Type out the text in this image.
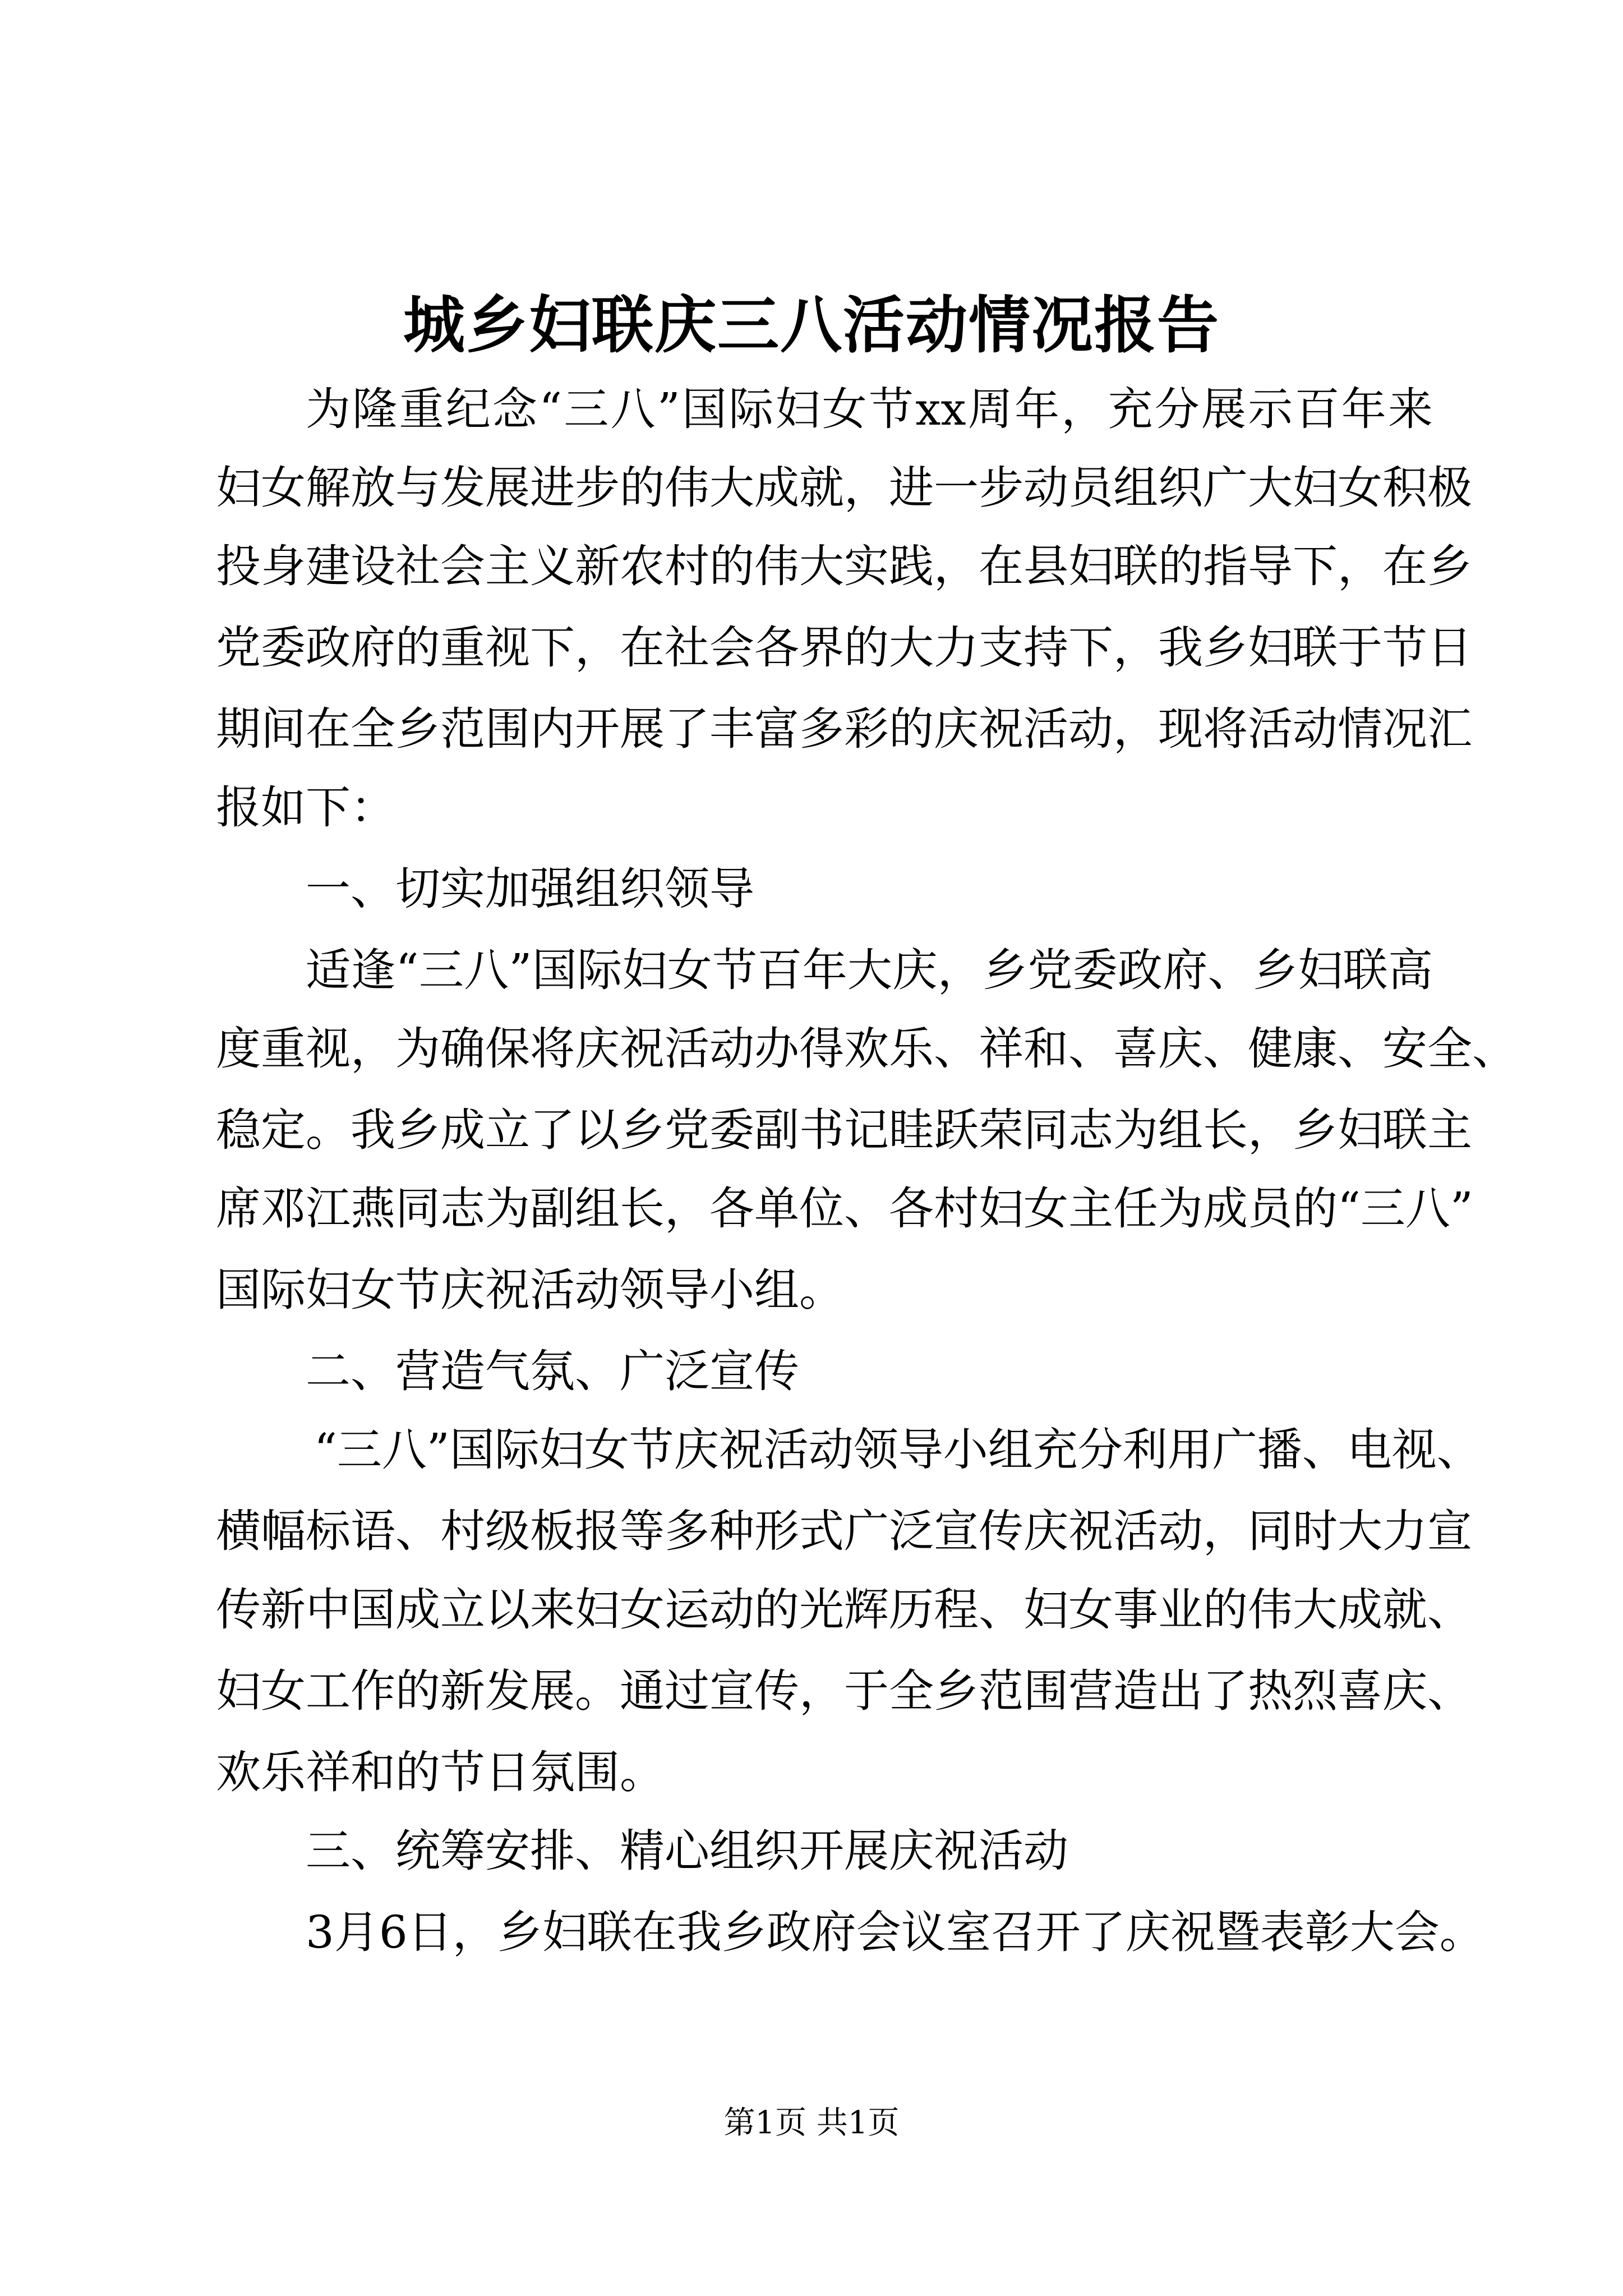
城乡妇联庆三八活动情况报告
为隆重纪念“三八”国际妇女节xx周年，充分展示百年来
妇女解放与发展进步的伟大成就，进一步动员组织广大妇女积极
投身建设社会主义新农村的伟大实践，在县妇联的指导下，在乡
党委政府的重视下，在社会各界的大力支持下，我乡妇联于节日
期间在全乡范围内开展了丰富多彩的庆祝活动，现将活动情况汇
报如下：
一、切实加强组织领导
适逢“三八”国际妇女节百年大庆，乡党委政府、乡妇联高
度重视，为确保将庆祝活动办得欢乐、祥和、喜庆、健康、安全、
稳定。我乡成立了以乡党委副书记眭跃荣同志为组长，乡妇联主
席邓江燕同志为副组长，各单位、各村妇女主任为成员的“三八”
国际妇女节庆祝活动领导小组。
二、营造气氛、广泛宣传
“三八”国际妇女节庆祝活动领导小组充分利用广播、电视、
横幅标语、村级板报等多种形式广泛宣传庆祝活动，同时大力宣
传新中国成立以来妇女运动的光辉历程、妇女事业的伟大成就、
妇女工作的新发展。通过宣传，于全乡范围营造出了热烈喜庆、
欢乐祥和的节日氛围。
三、统筹安排、精心组织开展庆祝活动
3月6日，乡妇联在我乡政府会议室召开了庆祝暨表彰大会。
第1页 共1页
